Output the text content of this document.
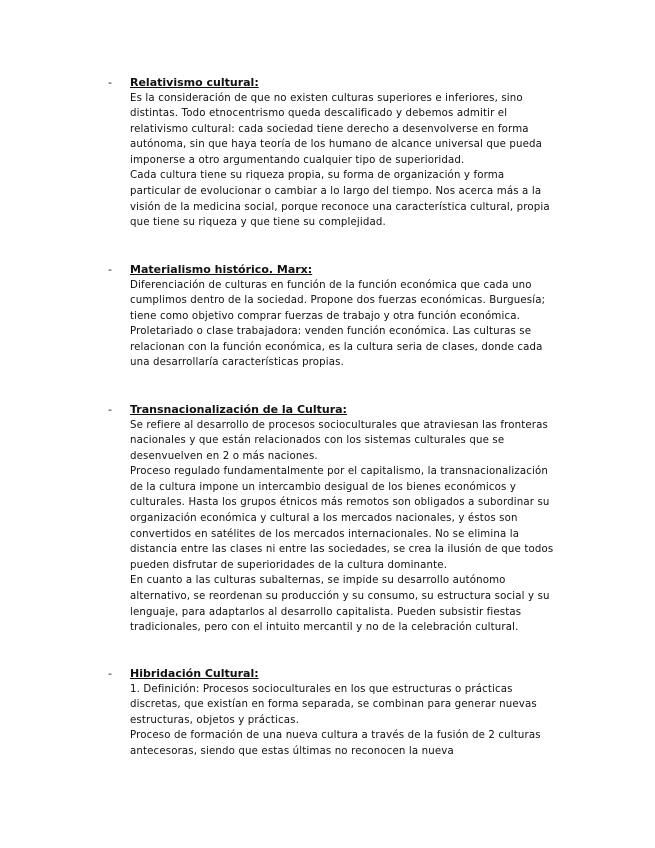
- Relativismo cultural:

Es la consideración de que no existen culturas superiores e inferiores, sino distintas. Todo etnocentrismo queda descalificado y debemos admitir el relativismo cultural: cada sociedad tiene derecho a desenvolverse en forma autónoma, sin que haya teoría de los humano de alcance universal que pueda imponerse a otro argumentando cualquier tipo de superioridad.

Cada cultura tiene su riqueza propia, su forma de organización y forma particular de evolucionar o cambiar a lo largo del tiempo. Nos acerca más a la visión de la medicina social, porque reconoce una característica cultural, propia que tiene su riqueza y que tiene su complejidad.

- Materialismo histórico. Marx:

Diferenciación de culturas en función de la función económica que cada uno cumplimos dentro de la sociedad. Propone dos fuerzas económicas. Burguesía; tiene como objetivo comprar fuerzas de trabajo y otra función económica.

Proletariado o clase trabajadora: venden función económica. Las culturas se relacionan con la función económica, es la cultura seria de clases, donde cada una desarrollaría características propias.

- Transnacionalización de la Cultura:

Se refiere al desarrollo de procesos socioculturales que atraviesan las fronteras nacionales y que están relacionados con los sistemas culturales que se desenvuelven en 2 o más naciones.

Proceso regulado fundamentalmente por el capitalismo, la transnacionalización de la cultura impone un intercambio desigual de los bienes económicos y culturales. Hasta los grupos étnicos más remotos son obligados a subordinar su organización económica y cultural a los mercados nacionales, y éstos son convertidos en satélites de los mercados internacionales. No se elimina la distancia entre las clases ni entre las sociedades, se crea la ilusión de que todos pueden disfrutar de superioridades de la cultura dominante.

En cuanto a las culturas subalternas, se impide su desarrollo autónomo alternativo, se reordenan su producción y su consumo, su estructura social y su lenguaje, para adaptarlos al desarrollo capitalista. Pueden subsistir fiestas tradicionales, pero con el intuito mercantil y no de la celebración cultural.

- Hibridación Cultural:

1. Definición: Procesos socioculturales en los que estructuras o prácticas discretas, que existían en forma separada, se combinan para generar nuevas estructuras, objetos y prácticas.

Proceso de formación de una nueva cultura a través de la fusión de 2 culturas antecesoras, siendo que estas últimas no reconocen la nueva
